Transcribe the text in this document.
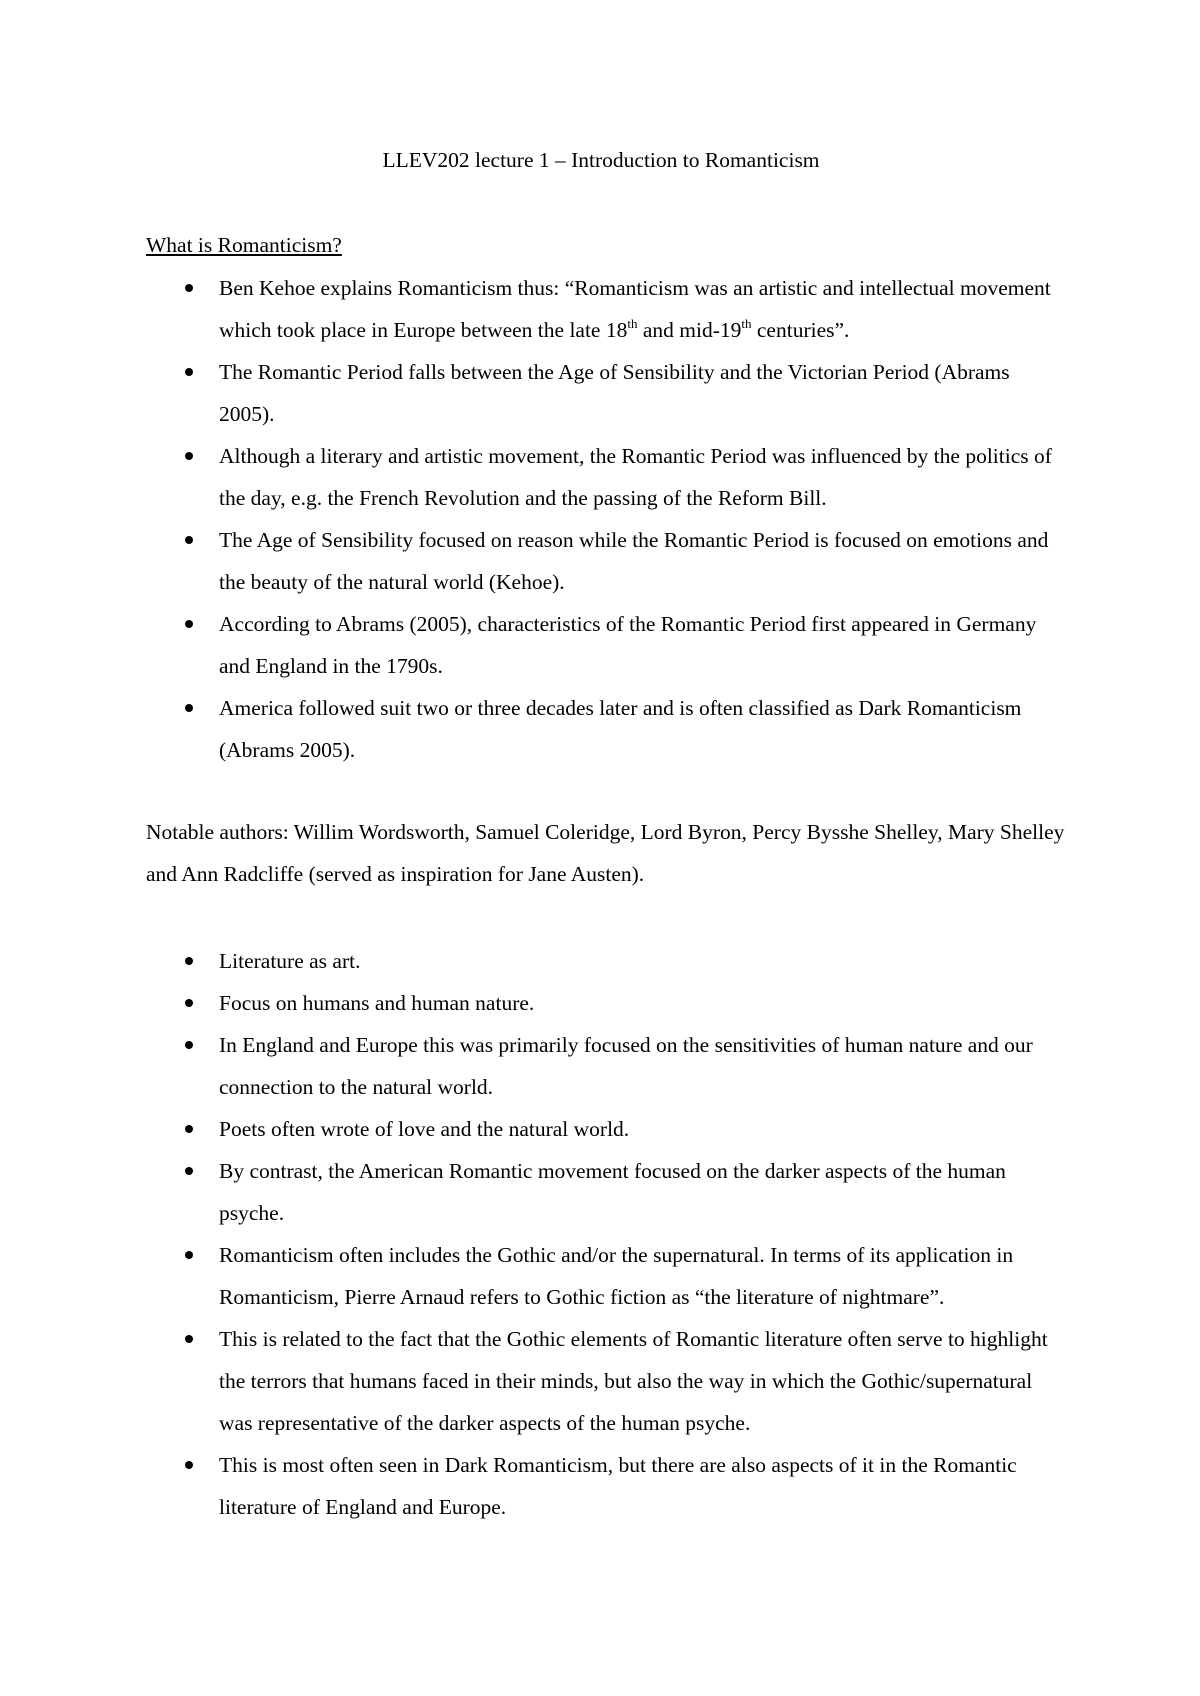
LLEV202 lecture 1 – Introduction to Romanticism
What is Romanticism?
Ben Kehoe explains Romanticism thus: “Romanticism was an artistic and intellectual movement which took place in Europe between the late 18th and mid-19th centuries”.
The Romantic Period falls between the Age of Sensibility and the Victorian Period (Abrams 2005).
Although a literary and artistic movement, the Romantic Period was influenced by the politics of the day, e.g. the French Revolution and the passing of the Reform Bill.
The Age of Sensibility focused on reason while the Romantic Period is focused on emotions and the beauty of the natural world (Kehoe).
According to Abrams (2005), characteristics of the Romantic Period first appeared in Germany and England in the 1790s.
America followed suit two or three decades later and is often classified as Dark Romanticism (Abrams 2005).
Notable authors: Willim Wordsworth, Samuel Coleridge, Lord Byron, Percy Bysshe Shelley, Mary Shelley and Ann Radcliffe (served as inspiration for Jane Austen).
Literature as art.
Focus on humans and human nature.
In England and Europe this was primarily focused on the sensitivities of human nature and our connection to the natural world.
Poets often wrote of love and the natural world.
By contrast, the American Romantic movement focused on the darker aspects of the human psyche.
Romanticism often includes the Gothic and/or the supernatural. In terms of its application in Romanticism, Pierre Arnaud refers to Gothic fiction as “the literature of nightmare”.
This is related to the fact that the Gothic elements of Romantic literature often serve to highlight the terrors that humans faced in their minds, but also the way in which the Gothic/supernatural was representative of the darker aspects of the human psyche.
This is most often seen in Dark Romanticism, but there are also aspects of it in the Romantic literature of England and Europe.
